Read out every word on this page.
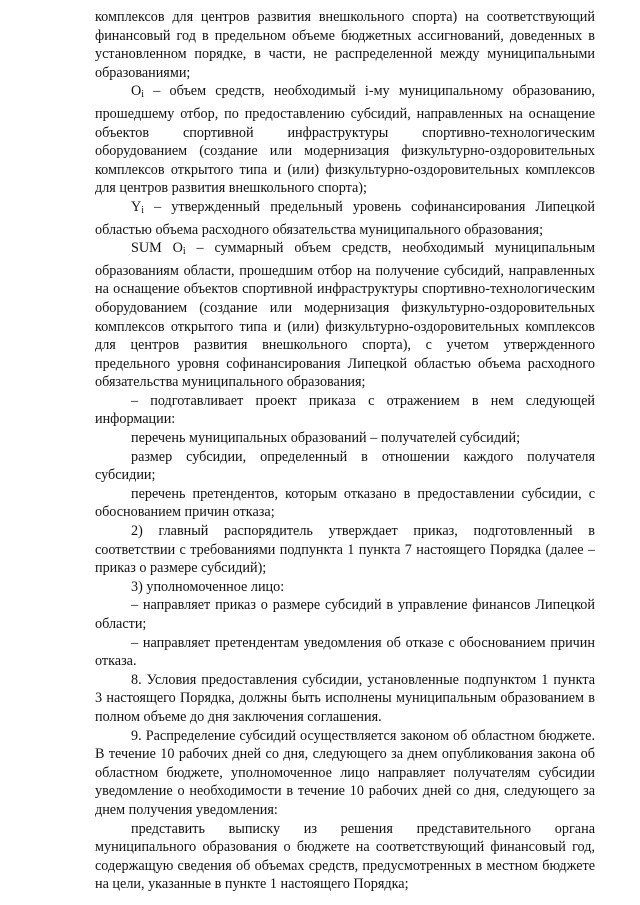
комплексов для центров развития внешкольного спорта) на соответствующий финансовый год в предельном объеме бюджетных ассигнований, доведенных в установленном порядке, в части, не распределенной между муниципальными образованиями;

$O_i$ – объем средств, необходимый i-му муниципальному образованию, прошедшему отбор, по предоставлению субсидий, направленных на оснащение объектов спортивной инфраструктуры спортивно-технологическим оборудованием (создание или модернизация физкультурно-оздоровительных комплексов открытого типа и (или) физкультурно-оздоровительных комплексов для центров развития внешкольного спорта);

$Y_i$ – утвержденный предельный уровень софинансирования Липецкой областью объема расходного обязательства муниципального образования;

SUM $O_i$ – суммарный объем средств, необходимый муниципальным образованиям области, прошедшим отбор на получение субсидий, направленных на оснащение объектов спортивной инфраструктуры спортивно-технологическим оборудованием (создание или модернизация физкультурно-оздоровительных комплексов открытого типа и (или) физкультурно-оздоровительных комплексов для центров развития внешкольного спорта), с учетом утвержденного предельного уровня софинансирования Липецкой областью объема расходного обязательства муниципального образования;

– подготавливает проект приказа с отражением в нем следующей информации:

перечень муниципальных образований – получателей субсидий;

размер субсидии, определенный в отношении каждого получателя субсидии;

перечень претендентов, которым отказано в предоставлении субсидии, с обоснованием причин отказа;

2) главный распорядитель утверждает приказ, подготовленный в соответствии с требованиями подпункта 1 пункта 7 настоящего Порядка (далее – приказ о размере субсидий);

3) уполномоченное лицо:

– направляет приказ о размере субсидий в управление финансов Липецкой области;

– направляет претендентам уведомления об отказе с обоснованием причин отказа.

8. Условия предоставления субсидии, установленные подпунктом 1 пункта 3 настоящего Порядка, должны быть исполнены муниципальным образованием в полном объеме до дня заключения соглашения.

9. Распределение субсидий осуществляется законом об областном бюджете. В течение 10 рабочих дней со дня, следующего за днем опубликования закона об областном бюджете, уполномоченное лицо направляет получателям субсидии уведомление о необходимости в течение 10 рабочих дней со дня, следующего за днем получения уведомления:

представить выписку из решения представительного органа муниципального образования о бюджете на соответствующий финансовый год, содержащую сведения об объемах средств, предусмотренных в местном бюджете на цели, указанные в пункте 1 настоящего Порядка;
